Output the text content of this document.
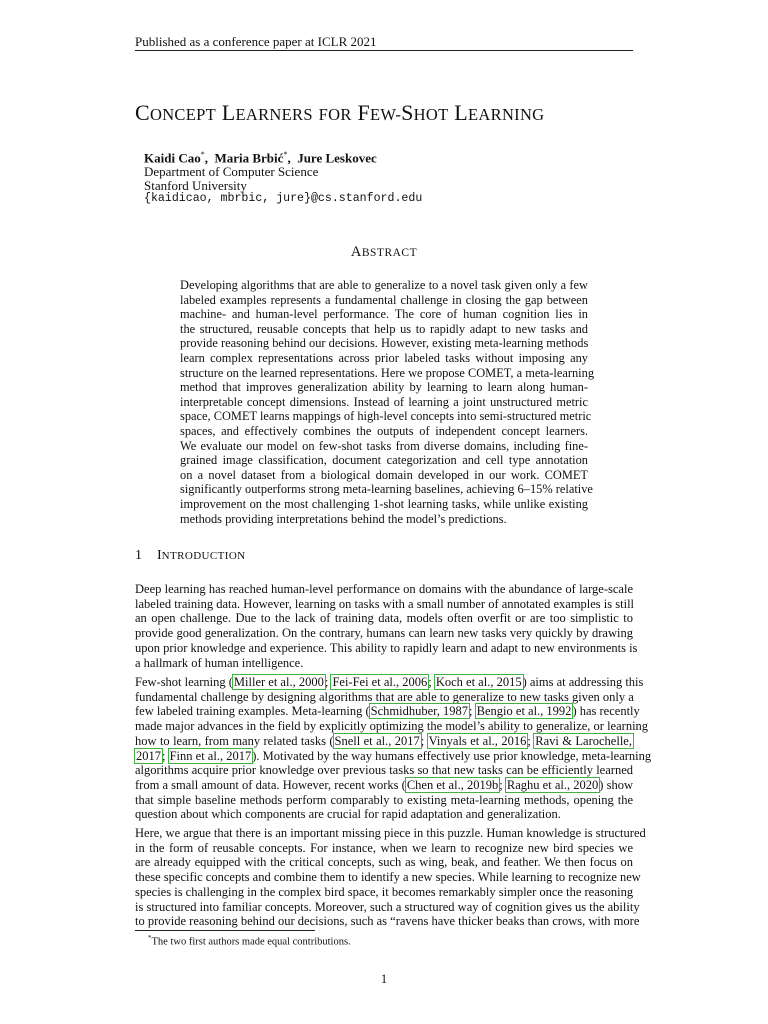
Published as a conference paper at ICLR 2021
CONCEPT LEARNERS FOR FEW-SHOT LEARNING
Kaidi Cao*, Maria Brbić*, Jure Leskovec
Department of Computer Science
Stanford University
{kaidicao, mbrbic, jure}@cs.stanford.edu
ABSTRACT
Developing algorithms that are able to generalize to a novel task given only a few
labeled examples represents a fundamental challenge in closing the gap between
machine- and human-level performance. The core of human cognition lies in
the structured, reusable concepts that help us to rapidly adapt to new tasks and
provide reasoning behind our decisions. However, existing meta-learning methods
learn complex representations across prior labeled tasks without imposing any
structure on the learned representations. Here we propose COMET, a meta-learning
method that improves generalization ability by learning to learn along human-
interpretable concept dimensions. Instead of learning a joint unstructured metric
space, COMET learns mappings of high-level concepts into semi-structured metric
spaces, and effectively combines the outputs of independent concept learners.
We evaluate our model on few-shot tasks from diverse domains, including fine-
grained image classification, document categorization and cell type annotation
on a novel dataset from a biological domain developed in our work. COMET
significantly outperforms strong meta-learning baselines, achieving 6–15% relative
improvement on the most challenging 1-shot learning tasks, while unlike existing
methods providing interpretations behind the model’s predictions.
1 INTRODUCTION
Deep learning has reached human-level performance on domains with the abundance of large-scale
labeled training data. However, learning on tasks with a small number of annotated examples is still
an open challenge. Due to the lack of training data, models often overfit or are too simplistic to
provide good generalization. On the contrary, humans can learn new tasks very quickly by drawing
upon prior knowledge and experience. This ability to rapidly learn and adapt to new environments is
a hallmark of human intelligence.
Few-shot learning (Miller et al., 2000; Fei-Fei et al., 2006; Koch et al., 2015) aims at addressing this
fundamental challenge by designing algorithms that are able to generalize to new tasks given only a
few labeled training examples. Meta-learning (Schmidhuber, 1987; Bengio et al., 1992) has recently
made major advances in the field by explicitly optimizing the model’s ability to generalize, or learning
how to learn, from many related tasks (Snell et al., 2017; Vinyals et al., 2016; Ravi & Larochelle,
2017; Finn et al., 2017). Motivated by the way humans effectively use prior knowledge, meta-learning
algorithms acquire prior knowledge over previous tasks so that new tasks can be efficiently learned
from a small amount of data. However, recent works (Chen et al., 2019b; Raghu et al., 2020) show
that simple baseline methods perform comparably to existing meta-learning methods, opening the
question about which components are crucial for rapid adaptation and generalization.
Here, we argue that there is an important missing piece in this puzzle. Human knowledge is structured
in the form of reusable concepts. For instance, when we learn to recognize new bird species we
are already equipped with the critical concepts, such as wing, beak, and feather. We then focus on
these specific concepts and combine them to identify a new species. While learning to recognize new
species is challenging in the complex bird space, it becomes remarkably simpler once the reasoning
is structured into familiar concepts. Moreover, such a structured way of cognition gives us the ability
to provide reasoning behind our decisions, such as “ravens have thicker beaks than crows, with more
*The two first authors made equal contributions.
1
